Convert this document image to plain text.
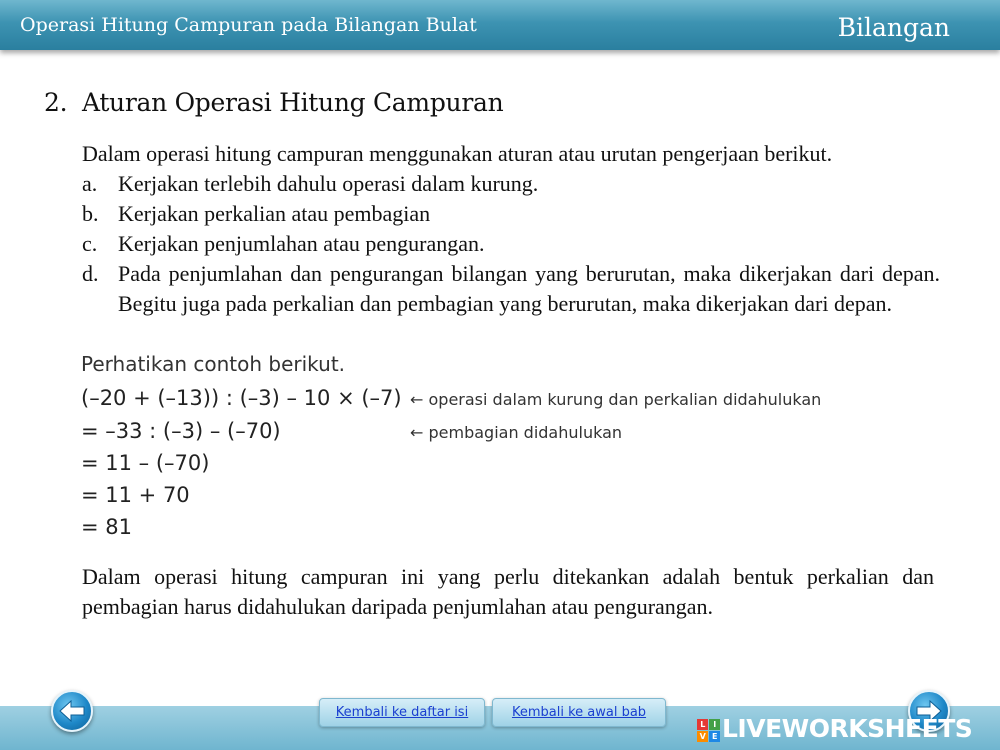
Operasi Hitung Campuran pada Bilangan Bulat	Bilangan
2. Aturan Operasi Hitung Campuran
Dalam operasi hitung campuran menggunakan aturan atau urutan pengerjaan berikut.
a. Kerjakan terlebih dahulu operasi dalam kurung.
b. Kerjakan perkalian atau pembagian
c. Kerjakan penjumlahan atau pengurangan.
d. Pada penjumlahan dan pengurangan bilangan yang berurutan, maka dikerjakan dari depan. Begitu juga pada perkalian dan pembagian yang berurutan, maka dikerjakan dari depan.
Perhatikan contoh berikut.
(–20 + (–13)) : (–3) – 10 × (–7)
= –33 : (–3) – (–70)
= 11 – (–70)
= 11 + 70
= 81
← operasi dalam kurung dan perkalian didahulukan
← pembagian didahulukan
Dalam operasi hitung campuran ini yang perlu ditekankan adalah bentuk perkalian dan pembagian harus didahulukan daripada penjumlahan atau pengurangan.
Kembali ke daftar isi	Kembali ke awal bab
L	I
V E LIVEWORKSHEETS
